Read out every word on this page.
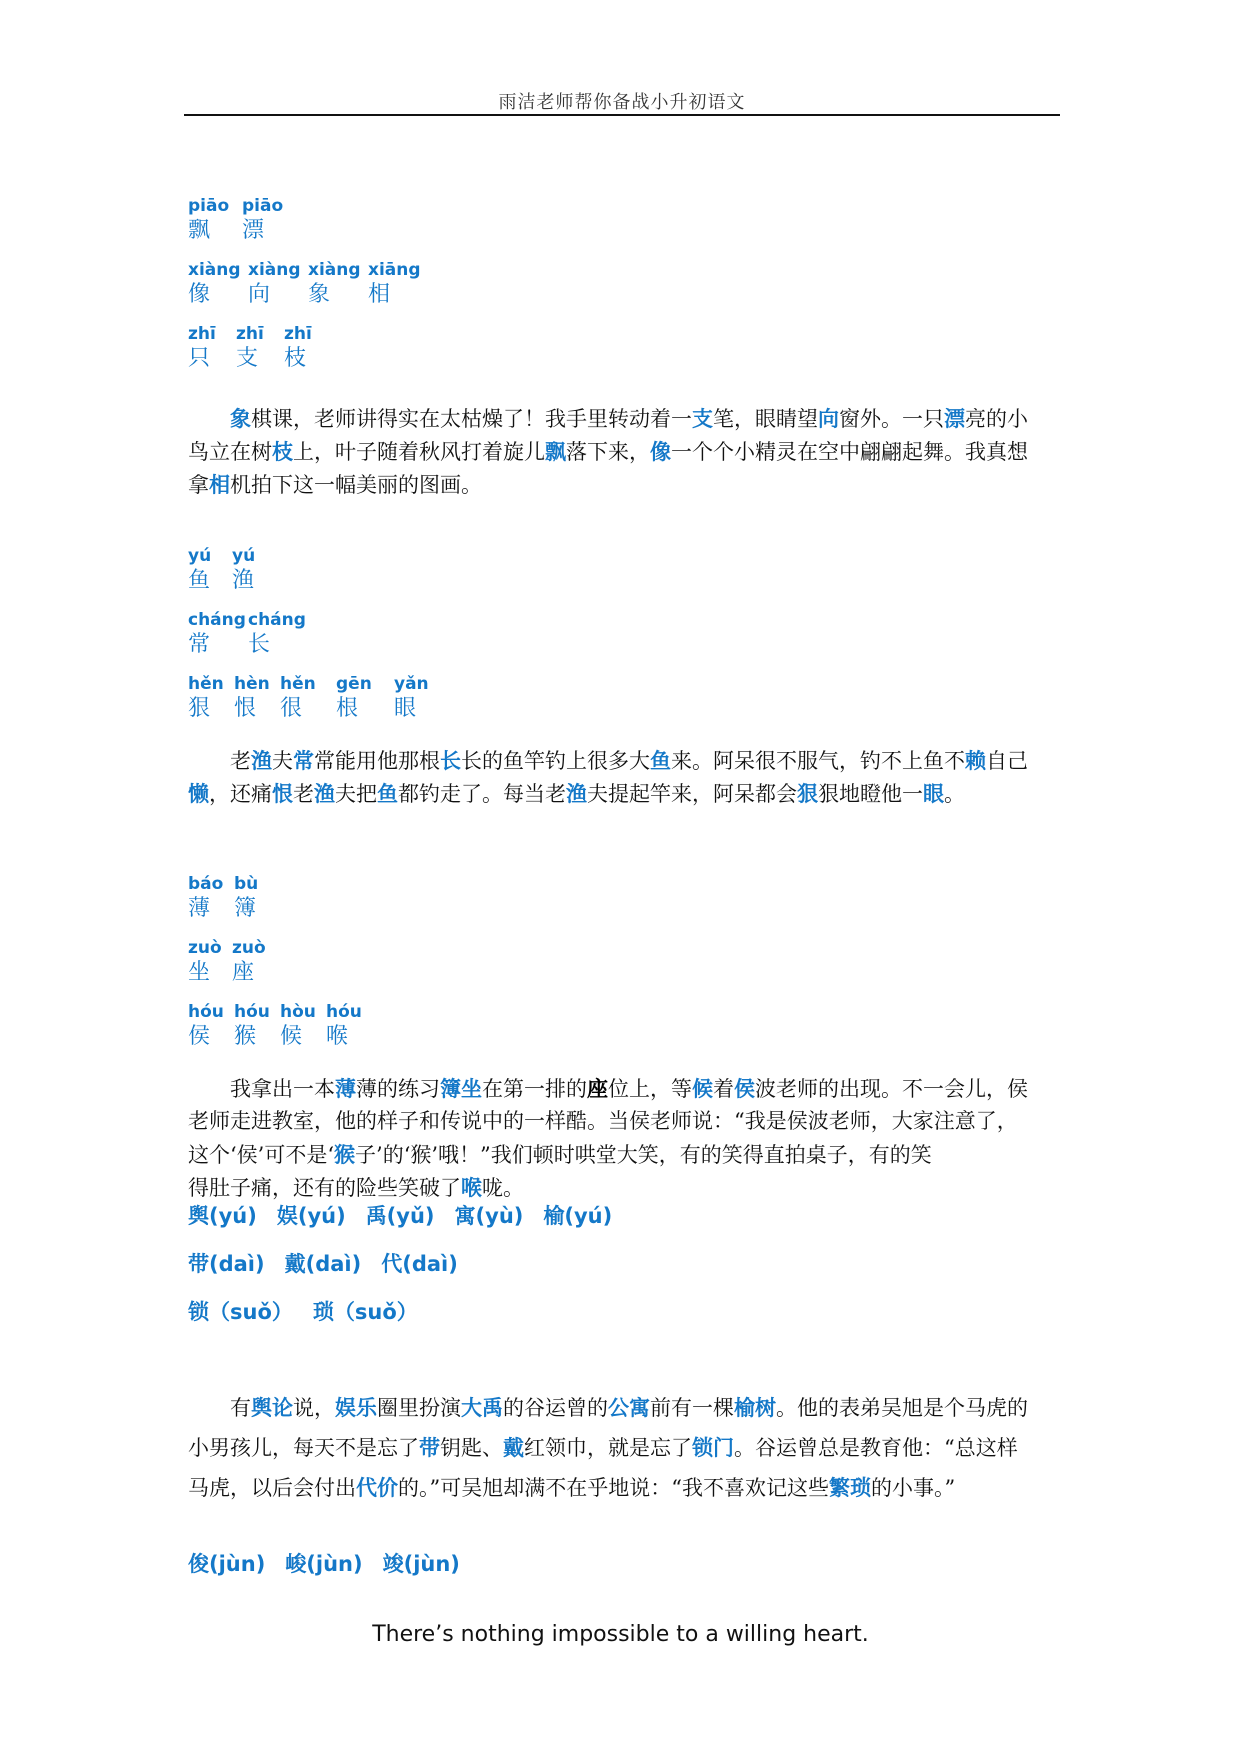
雨洁老师帮你备战小升初语文
piāo
飘
piāo
漂
xiàng
像
xiàng
向
xiàng
象
xiāng
相
zhī
只
zhī
支
zhī
枝
yú
鱼
yú
渔
cháng
常
cháng
长
hěn
狠
hèn
恨
hěn
很
gēn
根
yǎn
眼
báo
薄
bù
簿
zuò
坐
zuò
座
hóu
侯
hóu
猴
hòu
候
hóu
喉
象棋课，老师讲得实在太枯燥了！我手里转动着一支笔，眼睛望向窗外。一只漂亮的小
鸟立在树枝上，叶子随着秋风打着旋儿飘落下来，像一个个小精灵在空中翩翩起舞。我真想
拿相机拍下这一幅美丽的图画。
老渔夫常常能用他那根长长的鱼竿钓上很多大鱼来。阿呆很不服气，钓不上鱼不赖自己
懒，还痛恨老渔夫把鱼都钓走了。每当老渔夫提起竿来，阿呆都会狠狠地瞪他一眼。
我拿出一本薄薄的练习簿坐在第一排的座位上，等候着侯波老师的出现。不一会儿，侯
老师走进教室，他的样子和传说中的一样酷。当侯老师说：“我是侯波老师，大家注意了，
这个‘侯’可不是‘猴子’的‘猴’哦！”我们顿时哄堂大笑，有的笑得直拍桌子，有的笑
得肚子痛，还有的险些笑破了喉咙。
有舆论说，娱乐圈里扮演大禹的谷运曾的公寓前有一棵榆树。他的表弟吴旭是个马虎的
小男孩儿，每天不是忘了带钥匙、戴红领巾，就是忘了锁门。谷运曾总是教育他：“总这样
马虎，以后会付出代价的。”可吴旭却满不在乎地说：“我不喜欢记这些繁琐的小事。”
舆(yú) 娱(yú) 禹(yǔ) 寓(yù) 榆(yú)
带(daì) 戴(daì) 代(daì)
锁（suǒ） 琐（suǒ）
俊(jùn) 峻(jùn) 竣(jùn)
There’s nothing impossible to a willing heart.
